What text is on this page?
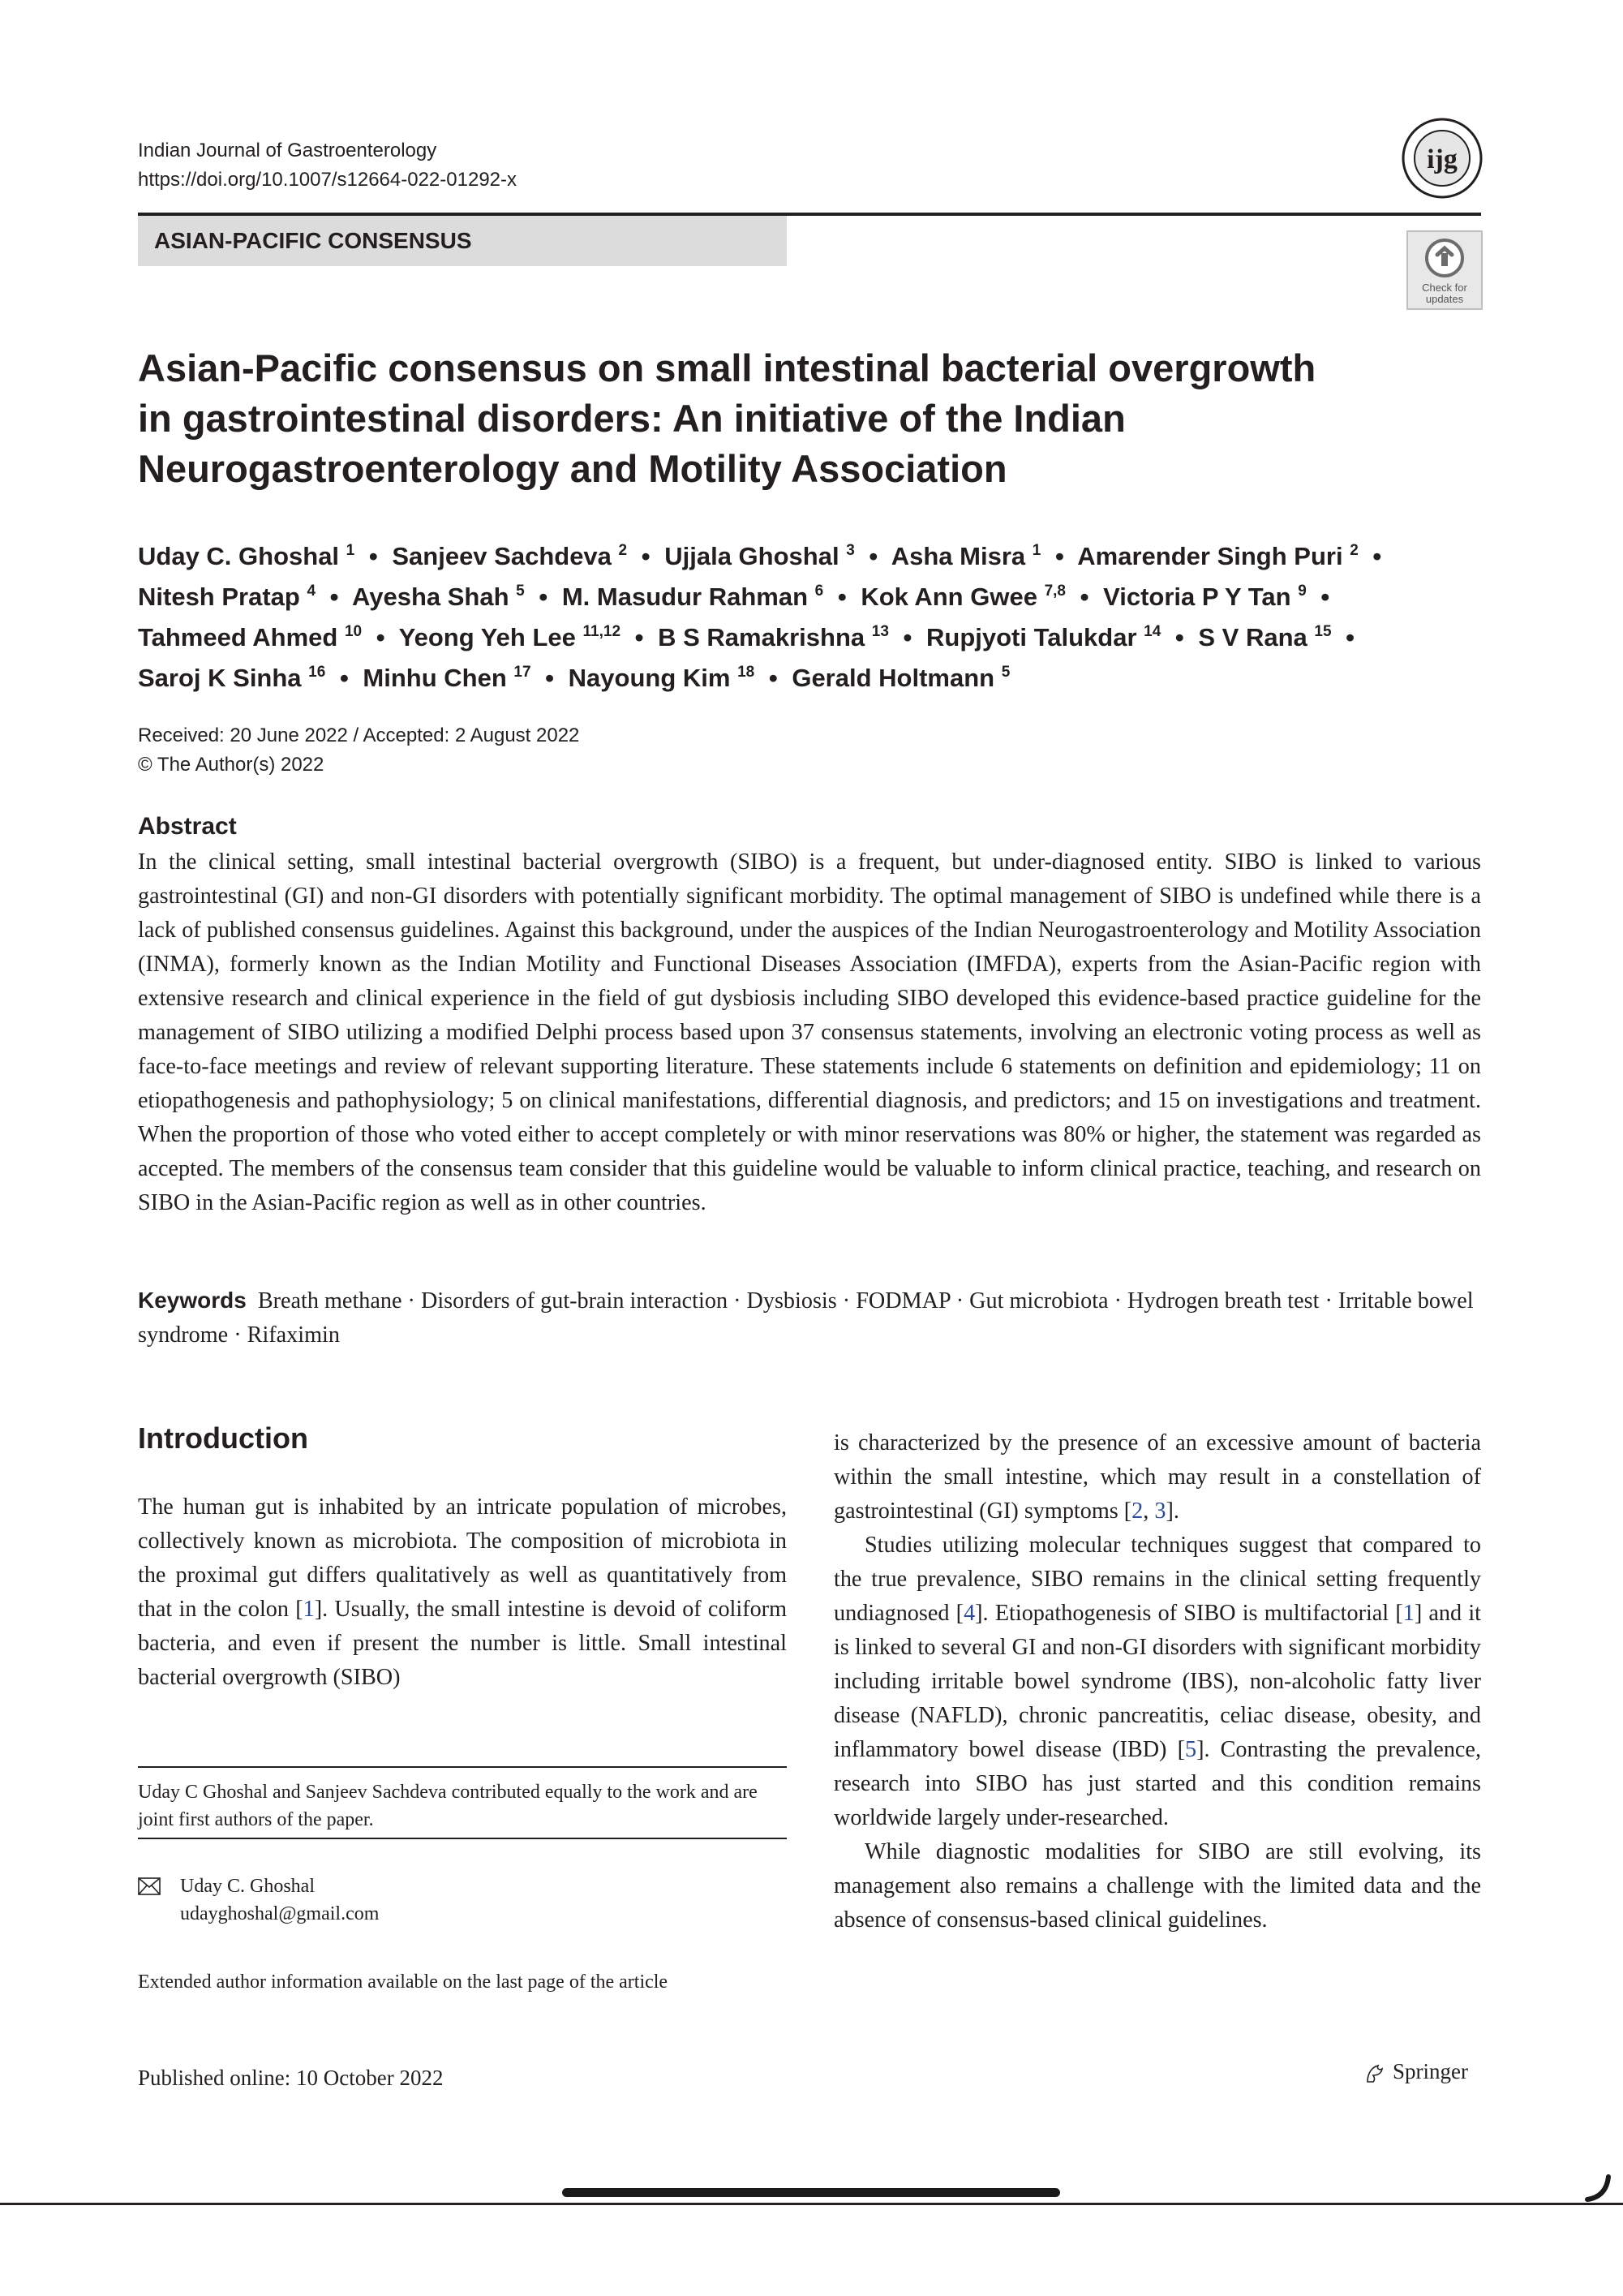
Indian Journal of Gastroenterology
https://doi.org/10.1007/s12664-022-01292-x
ijg
ASIAN-PACIFIC CONSENSUS
Check for
updates
Asian-Pacific consensus on small intestinal bacterial overgrowth in gastrointestinal disorders: An initiative of the Indian Neurogastroenterology and Motility Association
Uday C. Ghoshal $^1$ • Sanjeev Sachdeva $^2$ • Ujjala Ghoshal $^3$ • Asha Misra $^1$ • Amarender Singh Puri $^2$ • Nitesh Pratap $^4$ • Ayesha Shah $^5$ • M. Masudur Rahman $^6$ • Kok Ann Gwee $^{7,8}$ • Victoria P Y Tan $^9$ • Tahmeed Ahmed $^{10}$ • Yeong Yeh Lee $^{11,12}$ • B S Ramakrishna $^{13}$ • Rupjyoti Talukdar $^{14}$ • S V Rana $^{15}$ • Saroj K Sinha $^{16}$ • Minhu Chen $^{17}$ • Nayoung Kim $^{18}$ • Gerald Holtmann $^5$
Received: 20 June 2022 / Accepted: 2 August 2022
© The Author(s) 2022
Abstract
In the clinical setting, small intestinal bacterial overgrowth (SIBO) is a frequent, but under-diagnosed entity. SIBO is linked to various gastrointestinal (GI) and non-GI disorders with potentially significant morbidity. The optimal management of SIBO is undefined while there is a lack of published consensus guidelines. Against this background, under the auspices of the Indian Neurogastroenterology and Motility Association (INMA), formerly known as the Indian Motility and Functional Diseases Association (IMFDA), experts from the Asian-Pacific region with extensive research and clinical experience in the field of gut dysbiosis including SIBO developed this evidence-based practice guideline for the management of SIBO utilizing a modified Delphi process based upon 37 consensus statements, involving an electronic voting process as well as face-to-face meetings and review of relevant supporting literature. These statements include 6 statements on definition and epidemiology; 11 on etiopathogenesis and pathophysiology; 5 on clinical manifestations, differential diagnosis, and predictors; and 15 on investigations and treatment. When the proportion of those who voted either to accept completely or with minor reservations was 80% or higher, the statement was regarded as accepted. The members of the consensus team consider that this guideline would be valuable to inform clinical practice, teaching, and research on SIBO in the Asian-Pacific region as well as in other countries.
Keywords Breath methane · Disorders of gut-brain interaction · Dysbiosis · FODMAP · Gut microbiota · Hydrogen breath test · Irritable bowel syndrome · Rifaximin
Introduction
The human gut is inhabited by an intricate population of microbes, collectively known as microbiota. The composition of microbiota in the proximal gut differs qualitatively as well as quantitatively from that in the colon [1]. Usually, the small intestine is devoid of coliform bacteria, and even if present the number is little. Small intestinal bacterial overgrowth (SIBO)

is characterized by the presence of an excessive amount of bacteria within the small intestine, which may result in a constellation of gastrointestinal (GI) symptoms [2, 3].

Studies utilizing molecular techniques suggest that compared to the true prevalence, SIBO remains in the clinical setting frequently undiagnosed [4]. Etiopathogenesis of SIBO is multifactorial [1] and it is linked to several GI and non-GI disorders with significant morbidity including irritable bowel syndrome (IBS), non-alcoholic fatty liver disease (NAFLD), chronic pancreatitis, celiac disease, obesity, and inflammatory bowel disease (IBD) [5]. Contrasting the prevalence, research into SIBO has just started and this condition remains worldwide largely under-researched.

While diagnostic modalities for SIBO are still evolving, its management also remains a challenge with the limited data and the absence of consensus-based clinical guidelines.

Uday C Ghoshal and Sanjeev Sachdeva contributed equally to the work and are joint first authors of the paper.
Uday C. Ghoshal
udayghoshal@gmail.com
Extended author information available on the last page of the article
Published online: 10 October 2022	Springer
